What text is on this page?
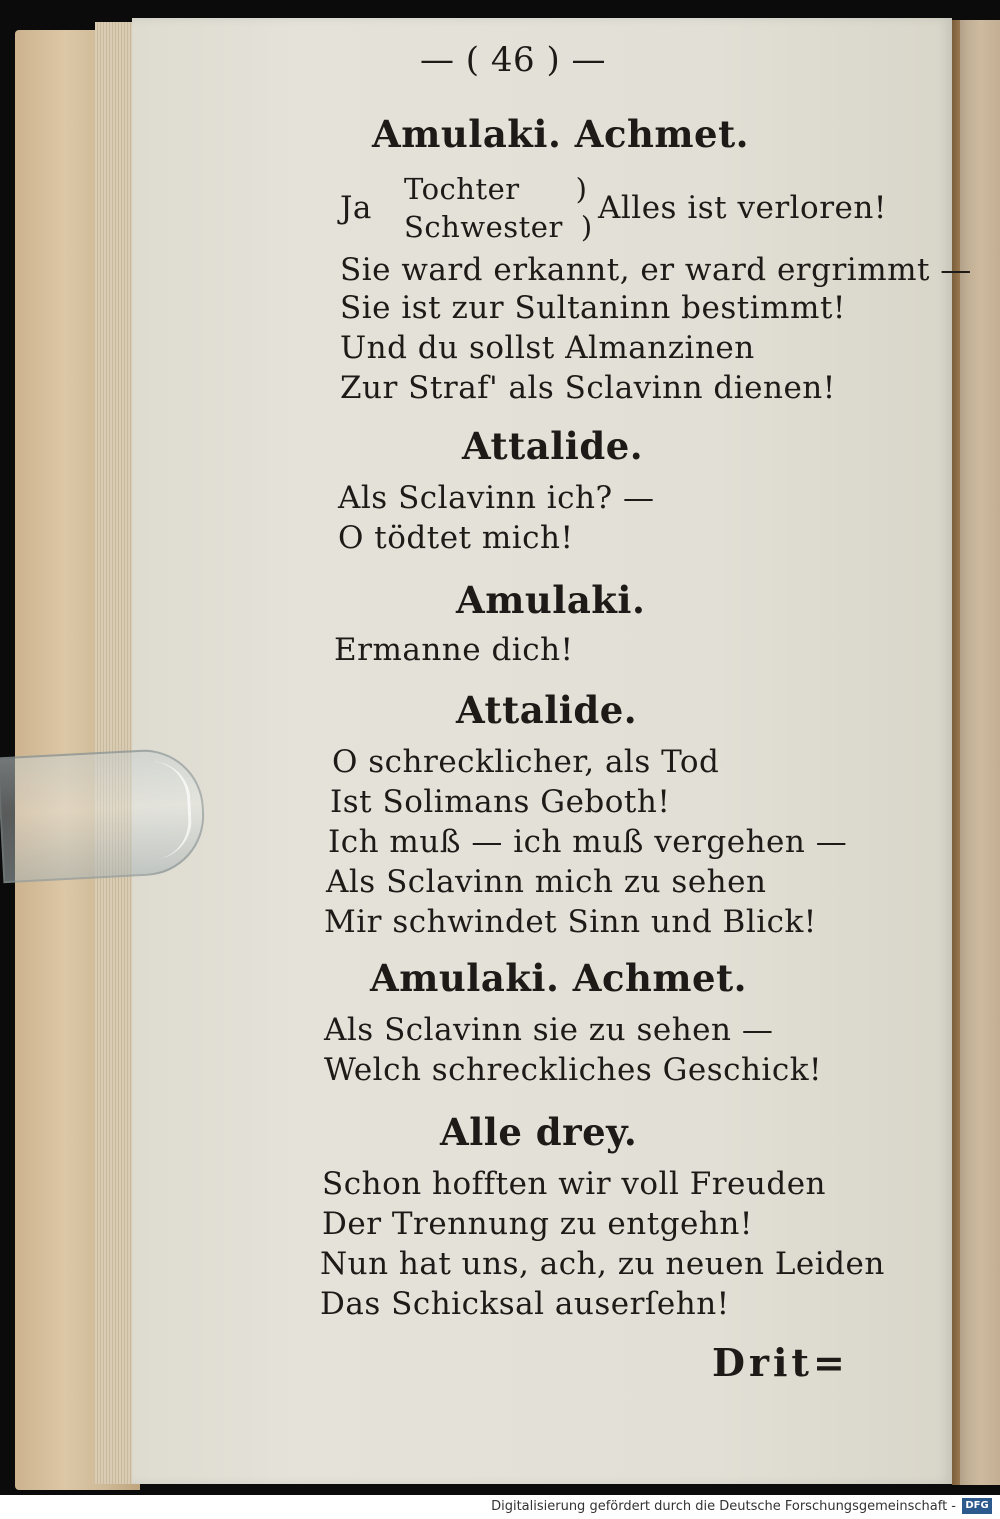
— ( 46 ) —
Amulaki. Achmet.
Ja
Tochter )
Schwester )
Alles ist verloren!
Sie ward erkannt, er ward ergrimmt —
Sie ist zur Sultaninn bestimmt!
Und du sollst Almanzinen
Zur Straf' als Sclavinn dienen!
Attalide.
Als Sclavinn ich? —
O tödtet mich!
Amulaki.
Ermanne dich!
Attalide.
O schrecklicher, als Tod
Ist Solimans Geboth!
Ich muß — ich muß vergehen —
Als Sclavinn mich zu sehen
Mir schwindet Sinn und Blick!
Amulaki. Achmet.
Als Sclavinn sie zu sehen —
Welch schreckliches Geschick!
Alle drey.
Schon hofften wir voll Freuden
Der Trennung zu entgehn!
Nun hat uns, ach, zu neuen Leiden
Das Schicksal auserſehn!
Drit=
Digitalisierung gefördert durch die Deutsche Forschungsgemeinschaft - DFG
